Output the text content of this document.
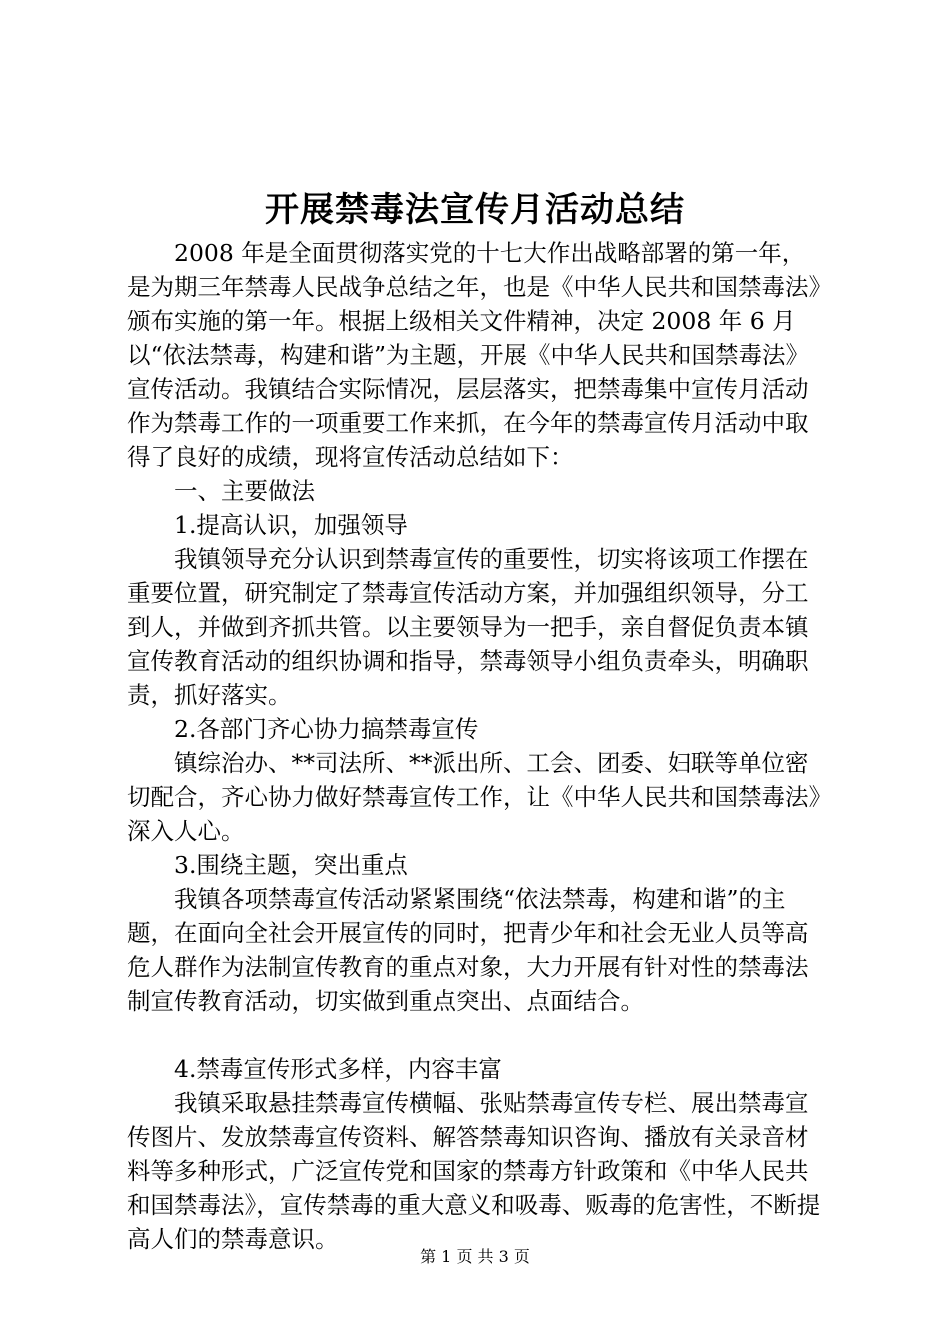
开展禁毒法宣传月活动总结

2008 年是全面贯彻落实党的十七大作出战略部署的第一年，是为期三年禁毒人民战争总结之年，也是《中华人民共和国禁毒法》颁布实施的第一年。根据上级相关文件精神，决定 2008 年 6 月以“依法禁毒，构建和谐”为主题，开展《中华人民共和国禁毒法》宣传活动。我镇结合实际情况，层层落实，把禁毒集中宣传月活动作为禁毒工作的一项重要工作来抓，在今年的禁毒宣传月活动中取得了良好的成绩，现将宣传活动总结如下：

一、主要做法

1.提高认识，加强领导

我镇领导充分认识到禁毒宣传的重要性，切实将该项工作摆在重要位置，研究制定了禁毒宣传活动方案，并加强组织领导，分工到人，并做到齐抓共管。以主要领导为一把手，亲自督促负责本镇宣传教育活动的组织协调和指导，禁毒领导小组负责牵头，明确职责，抓好落实。

2.各部门齐心协力搞禁毒宣传

镇综治办、**司法所、**派出所、工会、团委、妇联等单位密切配合，齐心协力做好禁毒宣传工作，让《中华人民共和国禁毒法》深入人心。

3.围绕主题，突出重点

我镇各项禁毒宣传活动紧紧围绕“依法禁毒，构建和谐”的主题，在面向全社会开展宣传的同时，把青少年和社会无业人员等高危人群作为法制宣传教育的重点对象，大力开展有针对性的禁毒法制宣传教育活动，切实做到重点突出、点面结合。

4.禁毒宣传形式多样，内容丰富

我镇采取悬挂禁毒宣传横幅、张贴禁毒宣传专栏、展出禁毒宣传图片、发放禁毒宣传资料、解答禁毒知识咨询、播放有关录音材料等多种形式，广泛宣传党和国家的禁毒方针政策和《中华人民共和国禁毒法》，宣传禁毒的重大意义和吸毒、贩毒的危害性，不断提高人们的禁毒意识。

第 1 页 共 3 页
